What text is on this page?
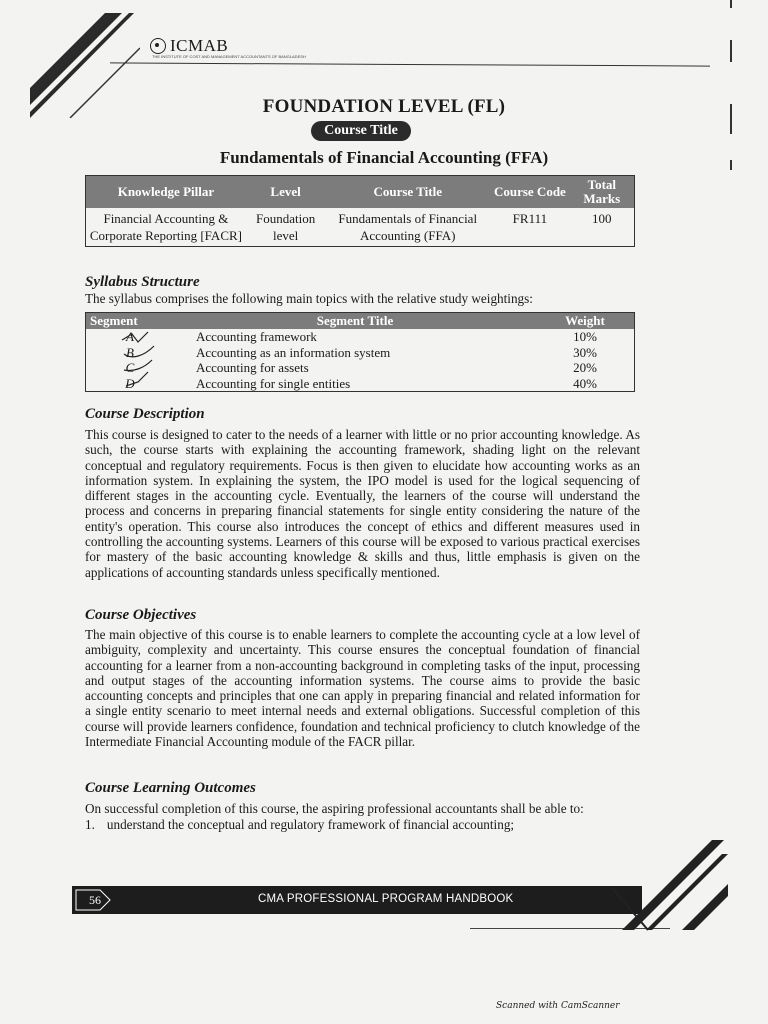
ICMAB
THE INSTITUTE OF COST AND MANAGEMENT ACCOUNTANTS OF BANGLADESH
FOUNDATION LEVEL (FL)
Course Title
Fundamentals of Financial Accounting (FFA)
Knowledge Pillar	Level	Course Title	Course Code	Total Marks
Financial Accounting & Corporate Reporting [FACR]	Foundation level	Fundamentals of Financial Accounting (FFA)	FR111	100
Syllabus Structure
The syllabus comprises the following main topics with the relative study weightings:
Segment	Segment Title	Weight
A	Accounting framework	10%
B	Accounting as an information system	30%
C	Accounting for assets	20%
D	Accounting for single entities	40%
Course Description
This course is designed to cater to the needs of a learner with little or no prior accounting knowledge. As such, the course starts with explaining the accounting framework, shading light on the relevant conceptual and regulatory requirements. Focus is then given to elucidate how accounting works as an information system. In explaining the system, the IPO model is used for the logical sequencing of different stages in the accounting cycle. Eventually, the learners of the course will understand the process and concerns in preparing financial statements for single entity considering the nature of the entity's operation. This course also introduces the concept of ethics and different measures used in controlling the accounting systems. Learners of this course will be exposed to various practical exercises for mastery of the basic accounting knowledge & skills and thus, little emphasis is given on the applications of accounting standards unless specifically mentioned.
Course Objectives
The main objective of this course is to enable learners to complete the accounting cycle at a low level of ambiguity, complexity and uncertainty. This course ensures the conceptual foundation of financial accounting for a learner from a non-accounting background in completing tasks of the input, processing and output stages of the accounting information systems. The course aims to provide the basic accounting concepts and principles that one can apply in preparing financial and related information for a single entity scenario to meet internal needs and external obligations. Successful completion of this course will provide learners confidence, foundation and technical proficiency to clutch knowledge of the Intermediate Financial Accounting module of the FACR pillar.
Course Learning Outcomes
On successful completion of this course, the aspiring professional accountants shall be able to:
1. understand the conceptual and regulatory framework of financial accounting;
56	CMA PROFESSIONAL PROGRAM HANDBOOK
Scanned with CamScanner
